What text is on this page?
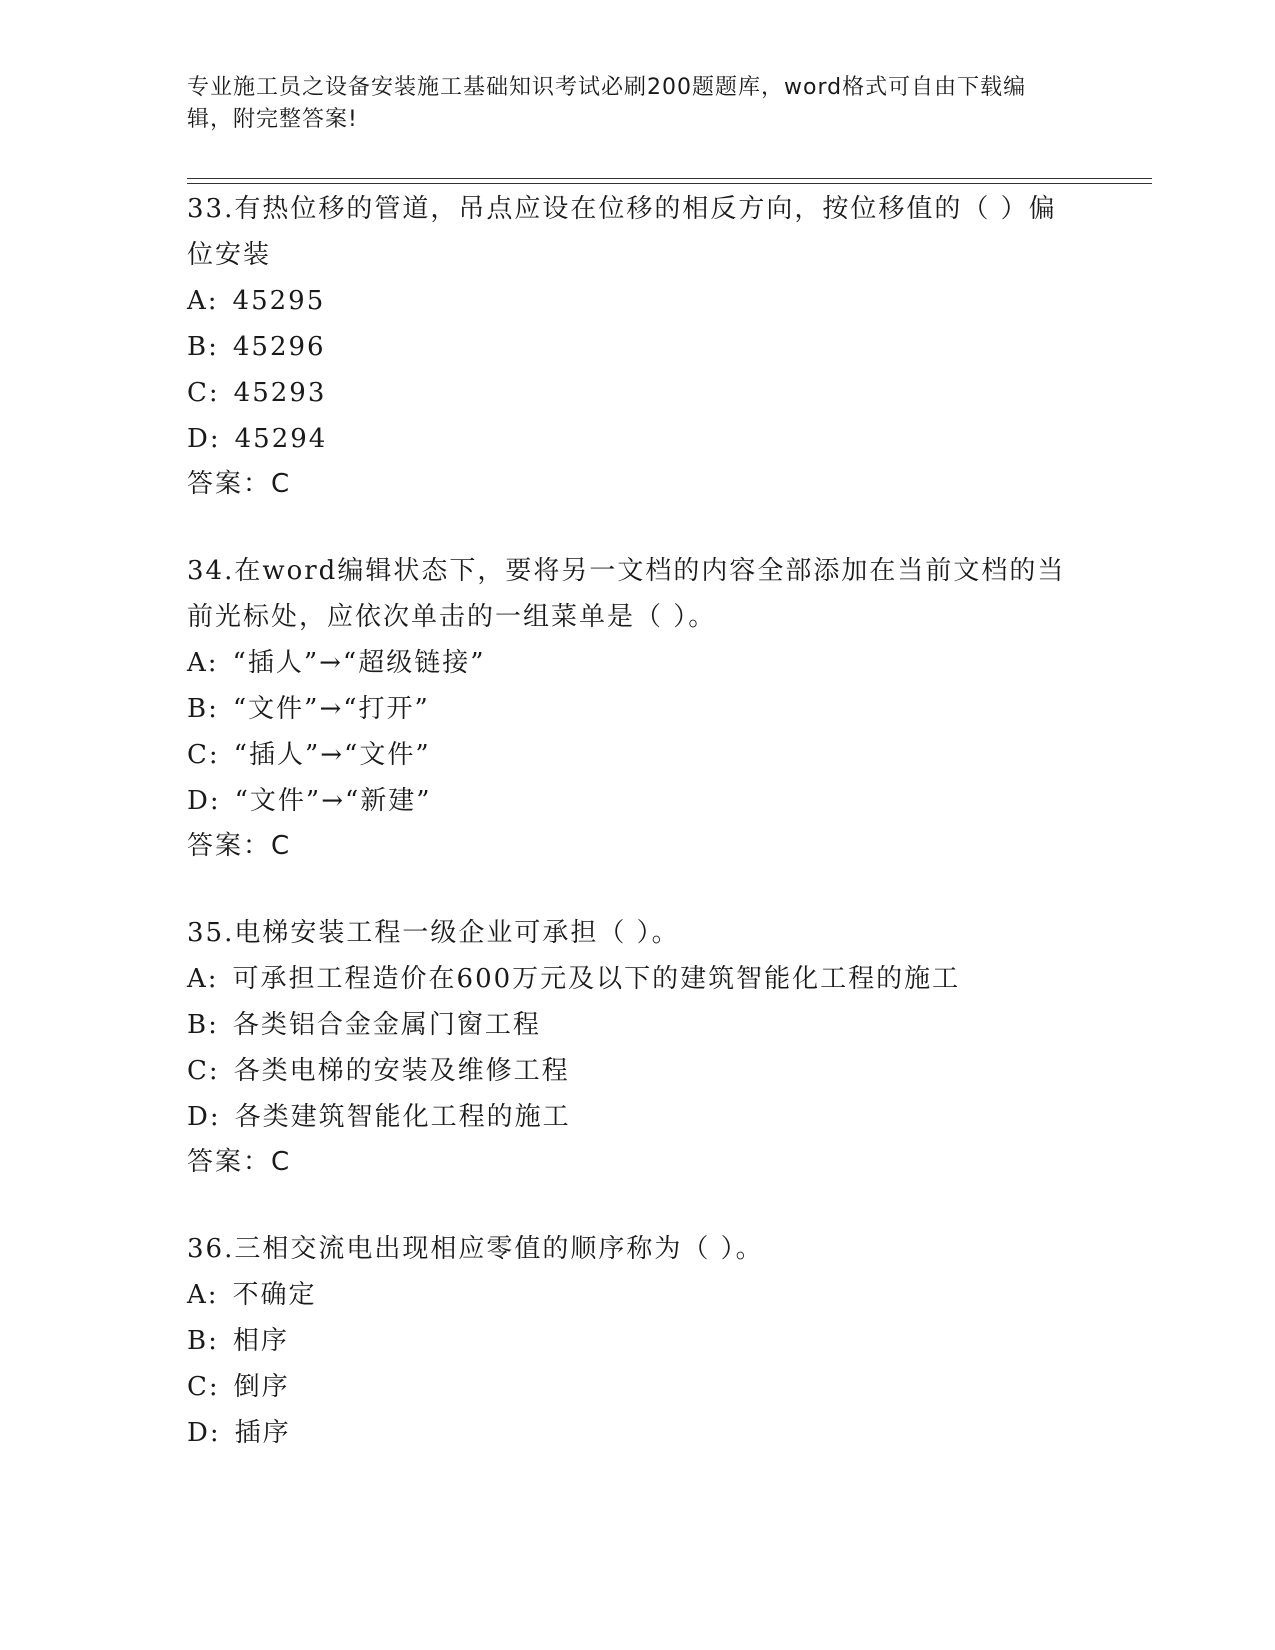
专业施工员之设备安装施工基础知识考试必刷200题题库，word格式可自由下载编辑，附完整答案!

33.有热位移的管道，吊点应设在位移的相反方向，按位移值的（ ）偏位安装

A: 45295

B: 45296

C: 45293

D: 45294

答案：C

34.在word编辑状态下，要将另一文档的内容全部添加在当前文档的当前光标处，应依次单击的一组菜单是（ ）。

A: “插人”→“超级链接”

B: “文件”→“打开”

C: “插人”→“文件”

D: “文件”→“新建”

答案：C

35.电梯安装工程一级企业可承担（ ）。

A: 可承担工程造价在600万元及以下的建筑智能化工程的施工

B: 各类铝合金金属门窗工程

C: 各类电梯的安装及维修工程

D: 各类建筑智能化工程的施工

答案：C

36.三相交流电出现相应零值的顺序称为（ ）。

A: 不确定

B: 相序

C: 倒序

D: 插序
